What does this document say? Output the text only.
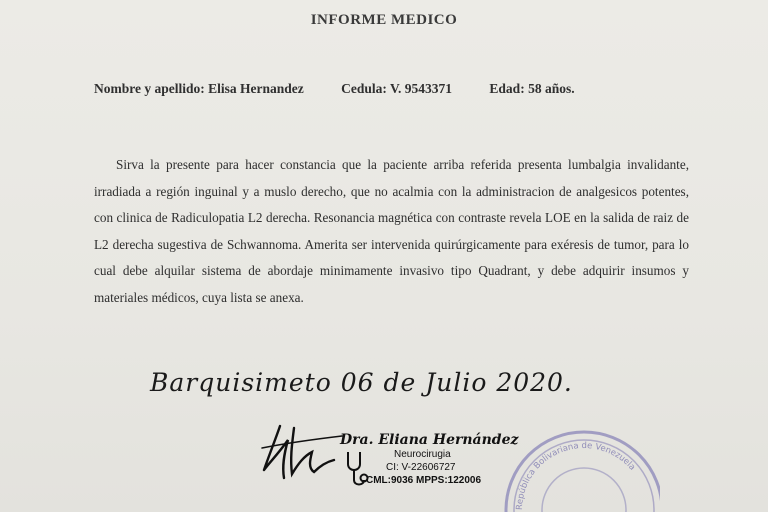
INFORME MEDICO
Nombre y apellido: Elisa Hernandez	Cedula: V. 9543371	Edad: 58 años.
Sirva la presente para hacer constancia que la paciente arriba referida presenta lumbalgia invalidante, irradiada a región inguinal y a muslo derecho, que no acalmia con la administracion de analgesicos potentes, con clinica de Radiculopatia L2 derecha. Resonancia magnética con contraste revela LOE en la salida de raiz de L2 derecha sugestiva de Schwannoma. Amerita ser intervenida quirúrgicamente para exéresis de tumor, para lo cual debe alquilar sistema de abordaje minimamente invasivo tipo Quadrant, y debe adquirir insumos y materiales médicos, cuya lista se anexa.
Barquisimeto 06 de Julio 2020.
Dra. Eliana Hernández
Neurocirugia
CI: V-22606727
CML:9036 MPPS:122006
República Bolivariana de Venezuela
